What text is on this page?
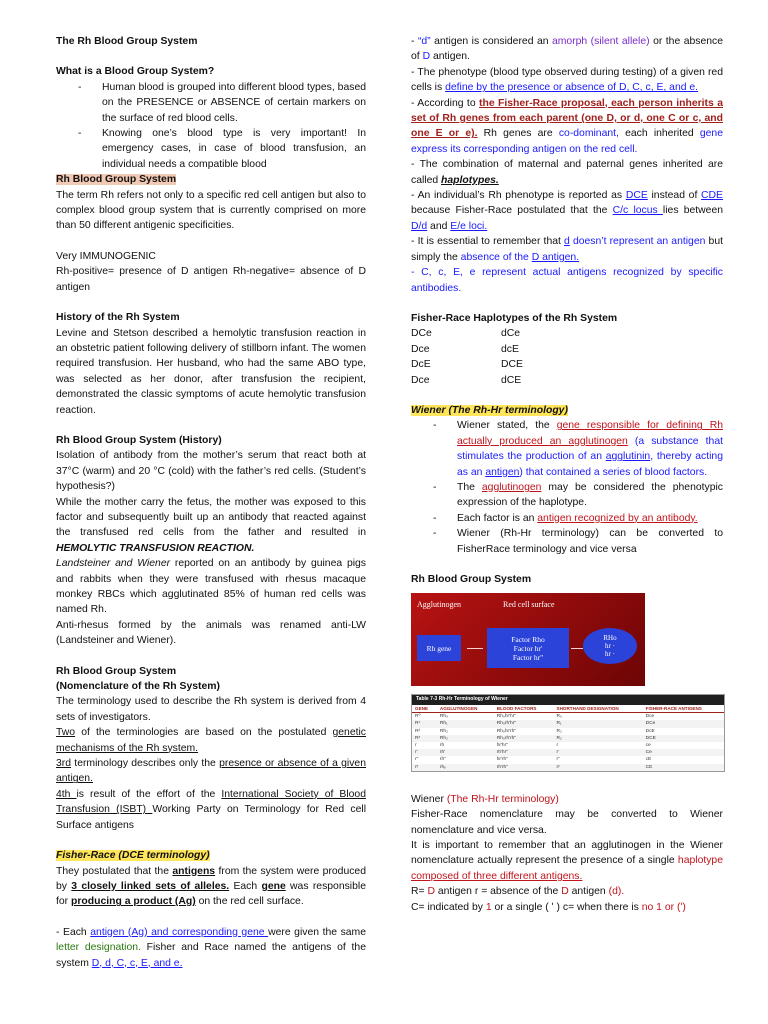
The Rh Blood Group System

What is a Blood Group System?

- Human blood is grouped into different blood types, based on the PRESENCE or ABSENCE of certain markers on the surface of red blood cells.
- Knowing one’s blood type is very important! In emergency cases, in case of blood transfusion, an individual needs a compatible blood

Rh Blood Group System

The term Rh refers not only to a specific red cell antigen but also to complex blood group system that is currently comprised on more than 50 different antigenic specificities.

Very IMMUNOGENIC

Rh-positive= presence of D antigen Rh-negative= absence of D antigen

History of the Rh System

Levine and Stetson described a hemolytic transfusion reaction in an obstetric patient following delivery of stillborn infant. The women required transfusion. Her husband, who had the same ABO type, was selected as her donor, after transfusion the recipient, demonstrated the classic symptoms of acute hemolytic transfusion reaction.

Rh Blood Group System (History)

Isolation of antibody from the mother’s serum that react both at 37°C (warm) and 20 °C (cold) with the father’s red cells. (Student’s hypothesis?)

While the mother carry the fetus, the mother was exposed to this factor and subsequently built up an antibody that reacted against the transfused red cells from the father and resulted in HEMOLYTIC TRANSFUSION REACTION.

Landsteiner and Wiener reported on an antibody by guinea pigs and rabbits when they were transfused with rhesus macaque monkey RBCs which agglutinated 85% of human red cells was named Rh.

Anti-rhesus formed by the animals was renamed anti-LW (Landsteiner and Wiener).

Rh Blood Group System

(Nomenclature of the Rh System)

The terminology used to describe the Rh system is derived from 4 sets of investigators.

Two of the terminologies are based on the postulated genetic mechanisms of the Rh system.

3rd terminology describes only the presence or absence of a given antigen.

4th is result of the effort of the International Society of Blood Transfusion (ISBT) Working Party on Terminology for Red cell Surface antigens

Fisher-Race (DCE terminology)

They postulated that the antigens from the system were produced by 3 closely linked sets of alleles. Each gene was responsible for producing a product (Ag) on the red cell surface.

- Each antigen (Ag) and corresponding gene were given the same letter designation. Fisher and Race named the antigens of the system D, d, C, c, E, and e.

- “d” antigen is considered an amorph (silent allele) or the absence of D antigen.

- The phenotype (blood type observed during testing) of a given red cells is define by the presence or absence of D, C, c, E, and e.

- According to the Fisher-Race proposal, each person inherits a set of Rh genes from each parent (one D, or d, one C or c, and one E or e). Rh genes are co-dominant, each inherited gene express its corresponding antigen on the red cell.

- The combination of maternal and paternal genes inherited are called haplotypes.

- An individual’s Rh phenotype is reported as DCE instead of CDE because Fisher-Race postulated that the C/c locus lies between D/d and E/e loci.

- It is essential to remember that d doesn’t represent an antigen but simply the absence of the D antigen.

- C, c, E, e represent actual antigens recognized by specific antibodies.

Fisher-Race Haplotypes of the Rh System

DCe	dCe
Dce	dcE
DcE	DCE
Dce	dCE

Wiener (The Rh-Hr terminology)

- Wiener stated, the gene responsible for defining Rh actually produced an agglutinogen (a substance that stimulates the production of an agglutinin, thereby acting as an antigen) that contained a series of blood factors.
- The agglutinogen may be considered the phenotypic expression of the haplotype.
- Each factor is an antigen recognized by an antibody.
- Wiener (Rh-Hr terminology) can be converted to FisherRace terminology and vice versa

Rh Blood Group System

Agglutinogen	Red cell surface
Rh gene
Factor Rho
Factor hr'
Factor hr"
RHo
hr ·
hr ·
Table 7-3 Rh-Hr Terminology of Wiener
GENE	AGGLUTINOGEN	BLOOD FACTORS	SHORTHAND DESIGNATION	FISHER-RACE ANTIGENS
R⁰	Rh₀	Rh₀hr'hr"	R₀	Dce
R¹	Rh₁	Rh₀rh'hr"	R₁	DCe
R²	Rh₂	Rh₀hr'rh"	R₂	DcE
Rᶻ	Rh₂	Rh₀rh'rh"	R₂	DCE
r	rh	hr'hr"	r	ce
r'	rh'	rh'hr"	r'	Ce
r"	rh"	hr'rh"	r"	cE
rʸ	rhᵧ	rh'rh"	rʸ	CE

Wiener (The Rh-Hr terminology)

Fisher-Race nomenclature may be converted to Wiener nomenclature and vice versa.

It is important to remember that an agglutinogen in the Wiener nomenclature actually represent the presence of a single haplotype composed of three different antigens.

R= D antigen r = absence of the D antigen (d).

C= indicated by 1 or a single ( ʹ ) c= when there is no 1 or (ʹ)
